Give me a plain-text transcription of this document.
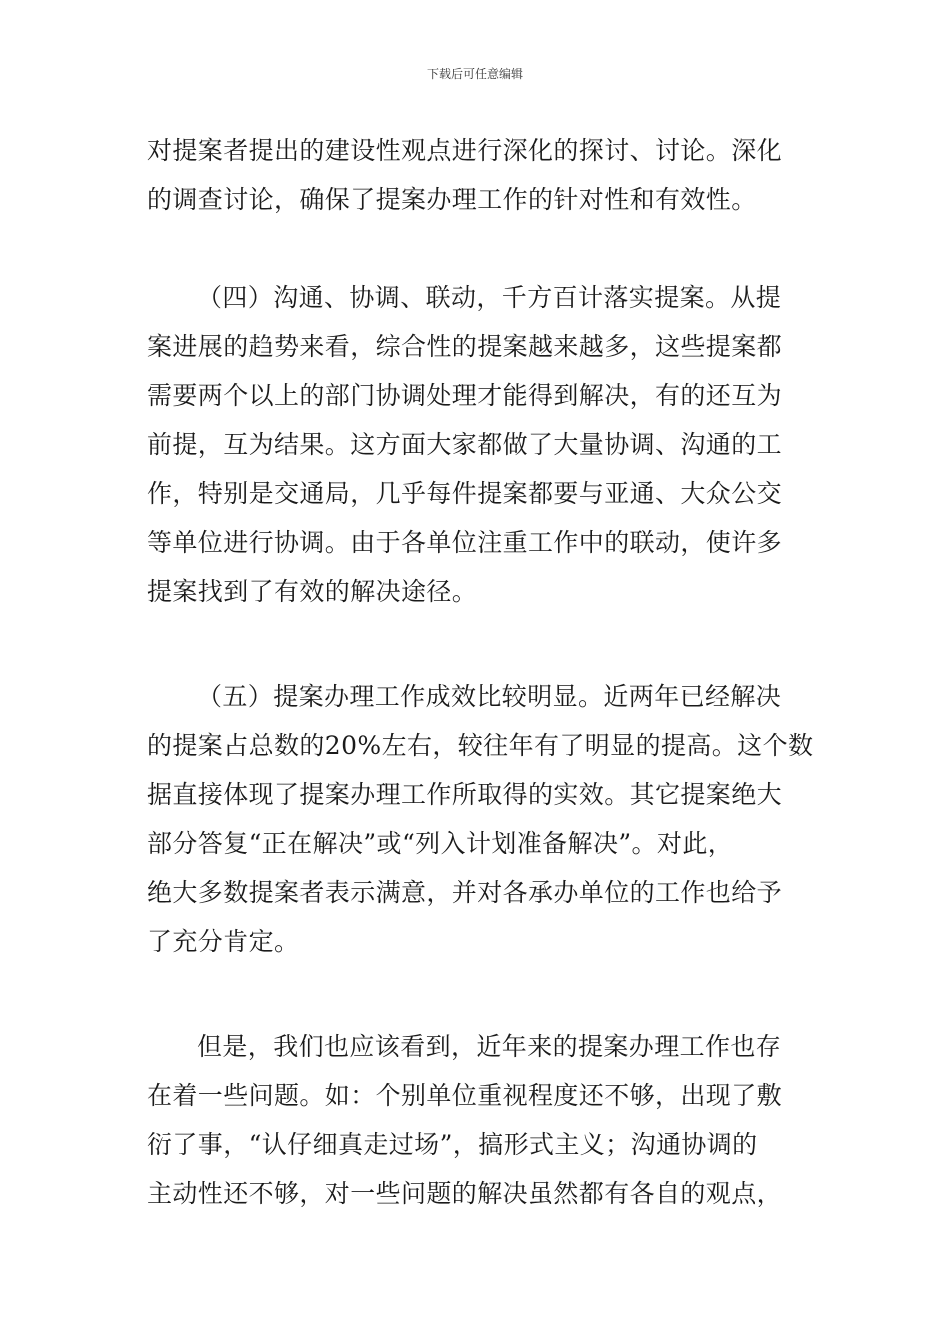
下载后可任意编辑
对提案者提出的建设性观点进行深化的探讨、讨论。深化
的调查讨论，确保了提案办理工作的针对性和有效性。
（四）沟通、协调、联动，千方百计落实提案。从提
案进展的趋势来看，综合性的提案越来越多，这些提案都
需要两个以上的部门协调处理才能得到解决，有的还互为
前提，互为结果。这方面大家都做了大量协调、沟通的工
作，特别是交通局，几乎每件提案都要与亚通、大众公交
等单位进行协调。由于各单位注重工作中的联动，使许多
提案找到了有效的解决途径。
（五）提案办理工作成效比较明显。近两年已经解决
的提案占总数的20%左右，较往年有了明显的提高。这个数
据直接体现了提案办理工作所取得的实效。其它提案绝大
部分答复“正在解决”或“列入计划准备解决”。对此，
绝大多数提案者表示满意，并对各承办单位的工作也给予
了充分肯定。
但是，我们也应该看到，近年来的提案办理工作也存
在着一些问题。如：个别单位重视程度还不够，出现了敷
衍了事，“认仔细真走过场”，搞形式主义；沟通协调的
主动性还不够，对一些问题的解决虽然都有各自的观点，
